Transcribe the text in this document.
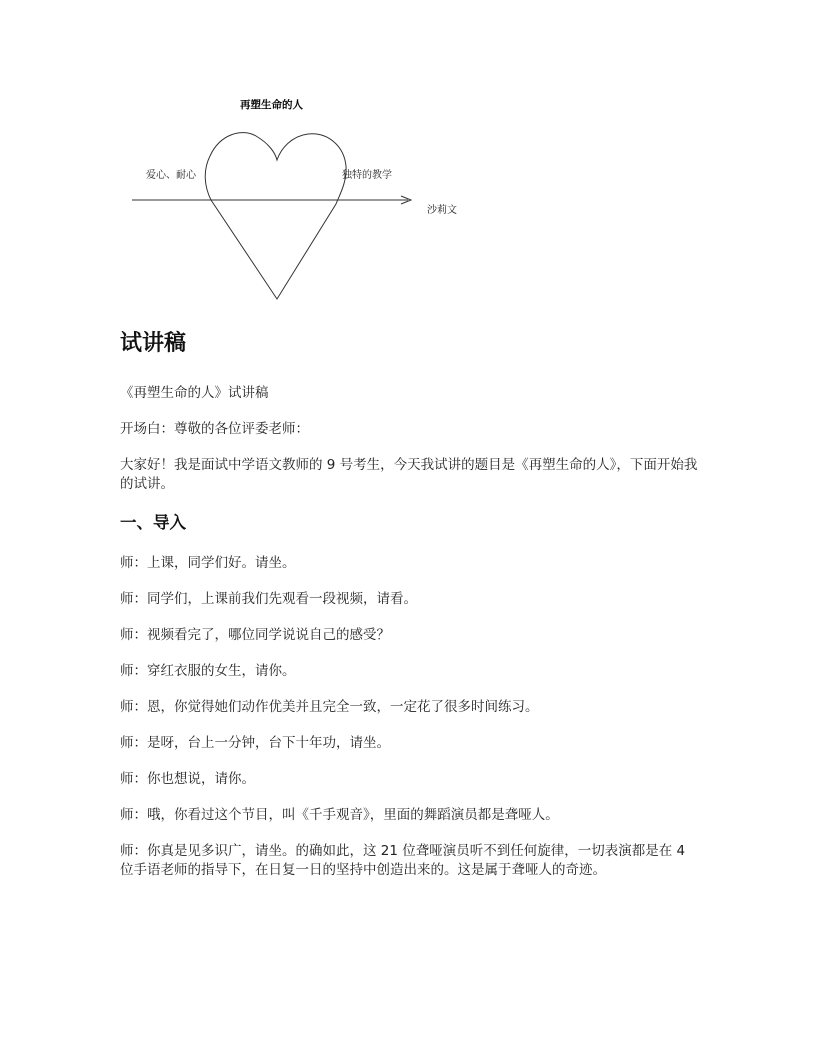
再塑生命的人
爱心、耐心	独特的教学
沙莉文
试讲稿

《再塑生命的人》试讲稿

开场白：尊敬的各位评委老师：

大家好！我是面试中学语文教师的 9 号考生，今天我试讲的题目是《再塑生命的人》，下面开始我的试讲。

一、导入

师：上课，同学们好。请坐。

师：同学们，上课前我们先观看一段视频，请看。

师：视频看完了，哪位同学说说自己的感受？

师：穿红衣服的女生，请你。

师：恩，你觉得她们动作优美并且完全一致，一定花了很多时间练习。

师：是呀，台上一分钟，台下十年功，请坐。

师：你也想说，请你。

师：哦，你看过这个节目，叫《千手观音》，里面的舞蹈演员都是聋哑人。

师：你真是见多识广，请坐。的确如此，这 21 位聋哑演员听不到任何旋律，一切表演都是在 4 位手语老师的指导下，在日复一日的坚持中创造出来的。这是属于聋哑人的奇迹。
